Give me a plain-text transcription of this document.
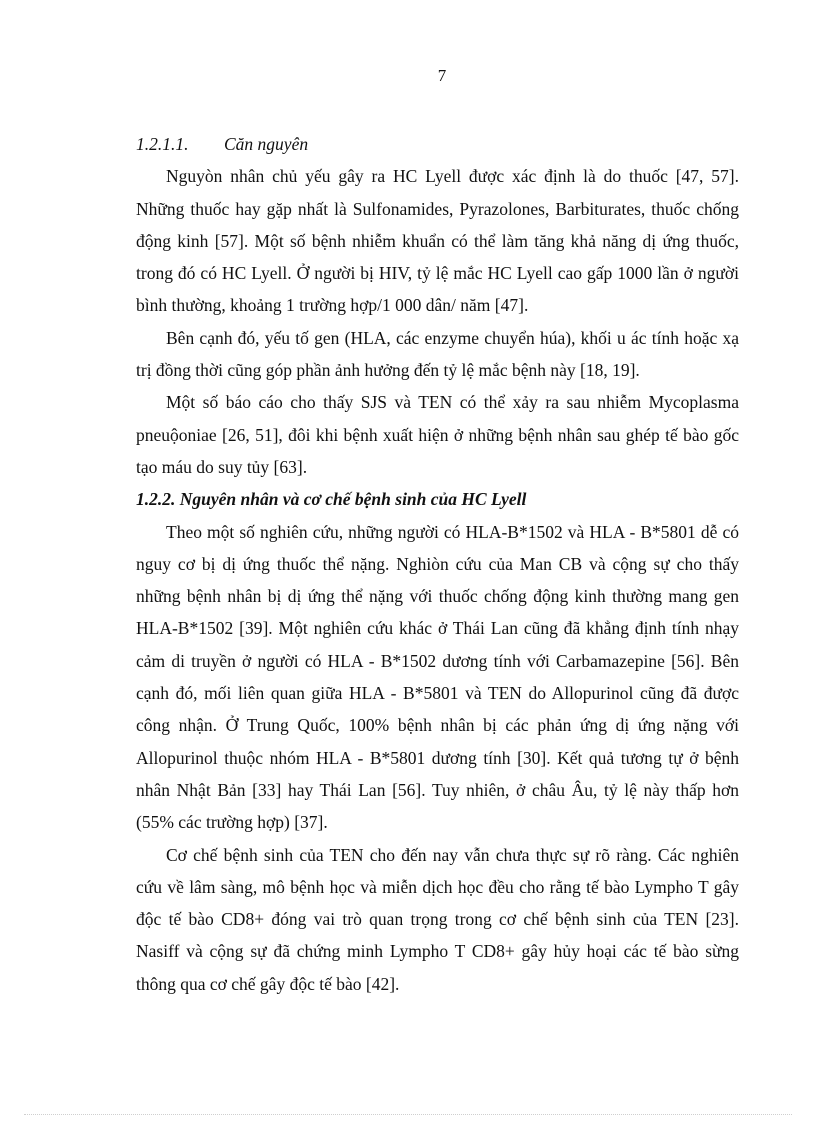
7
1.2.1.1. Căn nguyên

Nguyòn nhân chủ yếu gây ra HC Lyell được xác định là do thuốc [47, 57]. Những thuốc hay gặp nhất là Sulfonamides, Pyrazolones, Barbiturates, thuốc chống động kinh [57]. Một số bệnh nhiễm khuẩn có thể làm tăng khả năng dị ứng thuốc, trong đó có HC Lyell. Ở người bị HIV, tỷ lệ mắc HC Lyell cao gấp 1000 lần ở người bình thường, khoảng 1 trường hợp/1 000 dân/ năm [47].

Bên cạnh đó, yếu tố gen (HLA, các enzyme chuyển húa), khối u ác tính hoặc xạ trị đồng thời cũng góp phần ảnh hưởng đến tỷ lệ mắc bệnh này [18, 19].

Một số báo cáo cho thấy SJS và TEN có thể xảy ra sau nhiễm Mycoplasma pneuộoniae [26, 51], đôi khi bệnh xuất hiện ở những bệnh nhân sau ghép tế bào gốc tạo máu do suy tủy [63].

1.2.2. Nguyên nhân và cơ chế bệnh sinh của HC Lyell

Theo một số nghiên cứu, những người có HLA-B*1502 và HLA - B*5801 dễ có nguy cơ bị dị ứng thuốc thể nặng. Nghiòn cứu của Man CB và cộng sự cho thấy những bệnh nhân bị dị ứng thể nặng với thuốc chống động kinh thường mang gen HLA-B*1502 [39]. Một nghiên cứu khác ở Thái Lan cũng đã khẳng định tính nhạy cảm di truyền ở người có HLA - B*1502 dương tính với Carbamazepine [56]. Bên cạnh đó, mối liên quan giữa HLA - B*5801 và TEN do Allopurinol cũng đã được công nhận. Ở Trung Quốc, 100% bệnh nhân bị các phản ứng dị ứng nặng với Allopurinol thuộc nhóm HLA - B*5801 dương tính [30]. Kết quả tương tự ở bệnh nhân Nhật Bản [33] hay Thái Lan [56]. Tuy nhiên, ở châu Âu, tỷ lệ này thấp hơn (55% các trường hợp) [37].

Cơ chế bệnh sinh của TEN cho đến nay vẫn chưa thực sự rõ ràng. Các nghiên cứu về lâm sàng, mô bệnh học và miễn dịch học đều cho rằng tế bào Lympho T gây độc tế bào CD8+ đóng vai trò quan trọng trong cơ chế bệnh sinh của TEN [23]. Nasiff và cộng sự đã chứng minh Lympho T CD8+ gây hủy hoại các tế bào sừng thông qua cơ chế gây độc tế bào [42].
